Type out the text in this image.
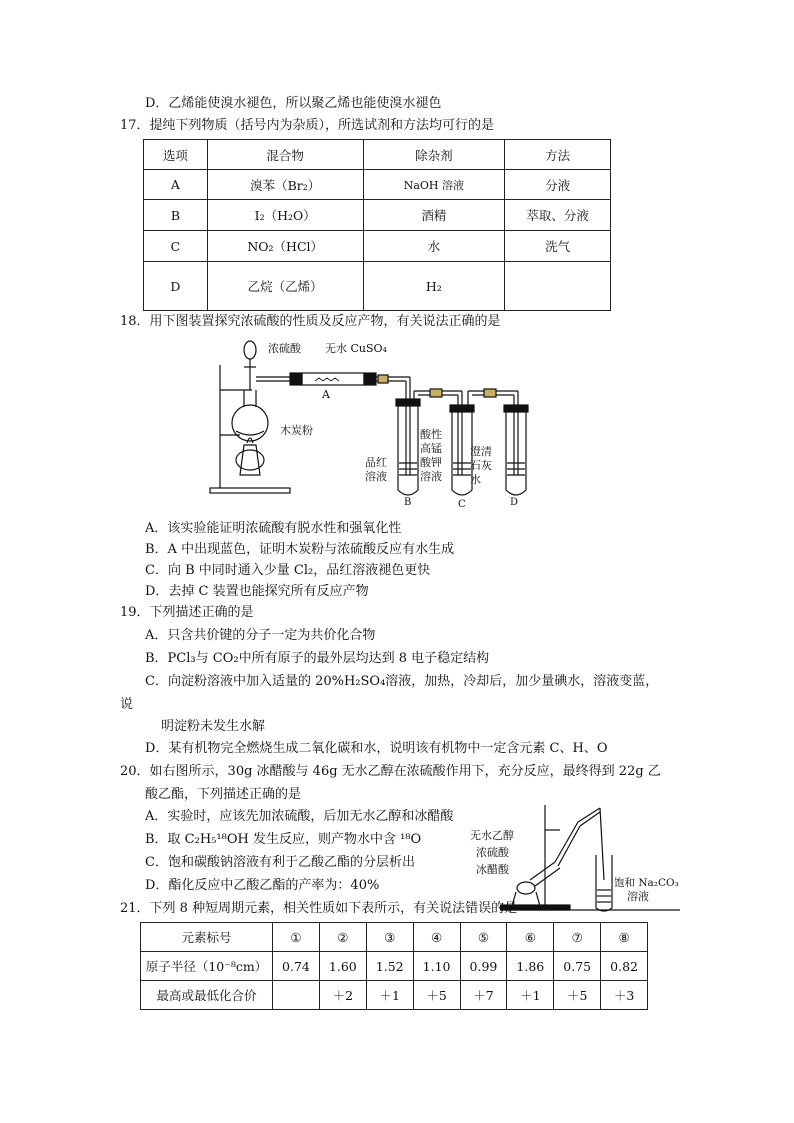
D．乙烯能使溴水褪色，所以聚乙烯也能使溴水褪色
17．提纯下列物质（括号内为杂质），所选试剂和方法均可行的是
选项	混合物	除杂剂	方法
A	溴苯（Br₂）	NaOH 溶液	分液
B	I₂（H₂O）	酒精	萃取、分液
C	NO₂（HCl）	水	洗气
D	乙烷（乙烯）	H₂	
18．用下图装置探究浓硫酸的性质及反应产物，有关说法正确的是
浓硫酸 无水 CuSO₄
A
木炭粉
品红
溶液
酸性
高锰
酸钾
溶液
澄清
石灰
水
B	C	D
A．该实验能证明浓硫酸有脱水性和强氧化性
B．A 中出现蓝色，证明木炭粉与浓硫酸反应有水生成
C．向 B 中同时通入少量 Cl₂，品红溶液褪色更快
D．去掉 C 装置也能探究所有反应产物
19．下列描述正确的是
A．只含共价键的分子一定为共价化合物
B．PCl₃与 CO₂中所有原子的最外层均达到 8 电子稳定结构
C．向淀粉溶液中加入适量的 20%H₂SO₄溶液，加热，冷却后，加少量碘水，溶液变蓝，
说
明淀粉未发生水解
D．某有机物完全燃烧生成二氧化碳和水，说明该有机物中一定含元素 C、H、O
20．如右图所示，30g 冰醋酸与 46g 无水乙醇在浓硫酸作用下，充分反应，最终得到 22g 乙
酸乙酯，下列描述正确的是
A．实验时，应该先加浓硫酸，后加无水乙醇和冰醋酸
B．取 C₂H₅¹⁸OH 发生反应，则产物水中含 ¹⁸O
C．饱和碳酸钠溶液有利于乙酸乙酯的分层析出
D．酯化反应中乙酸乙酯的产率为：40%
无水乙醇
浓硫酸
冰醋酸
饱和 Na₂CO₃
溶液
21．下列 8 种短周期元素，相关性质如下表所示，有关说法错误的是
元素标号	①	②	③	④	⑤	⑥	⑦	⑧
原子半径（10⁻⁸cm）	0.74	1.60	1.52	1.10	0.99	1.86	0.75	0.82
最高或最低化合价		＋2	＋1	＋5	＋7	＋1	＋5	＋3
